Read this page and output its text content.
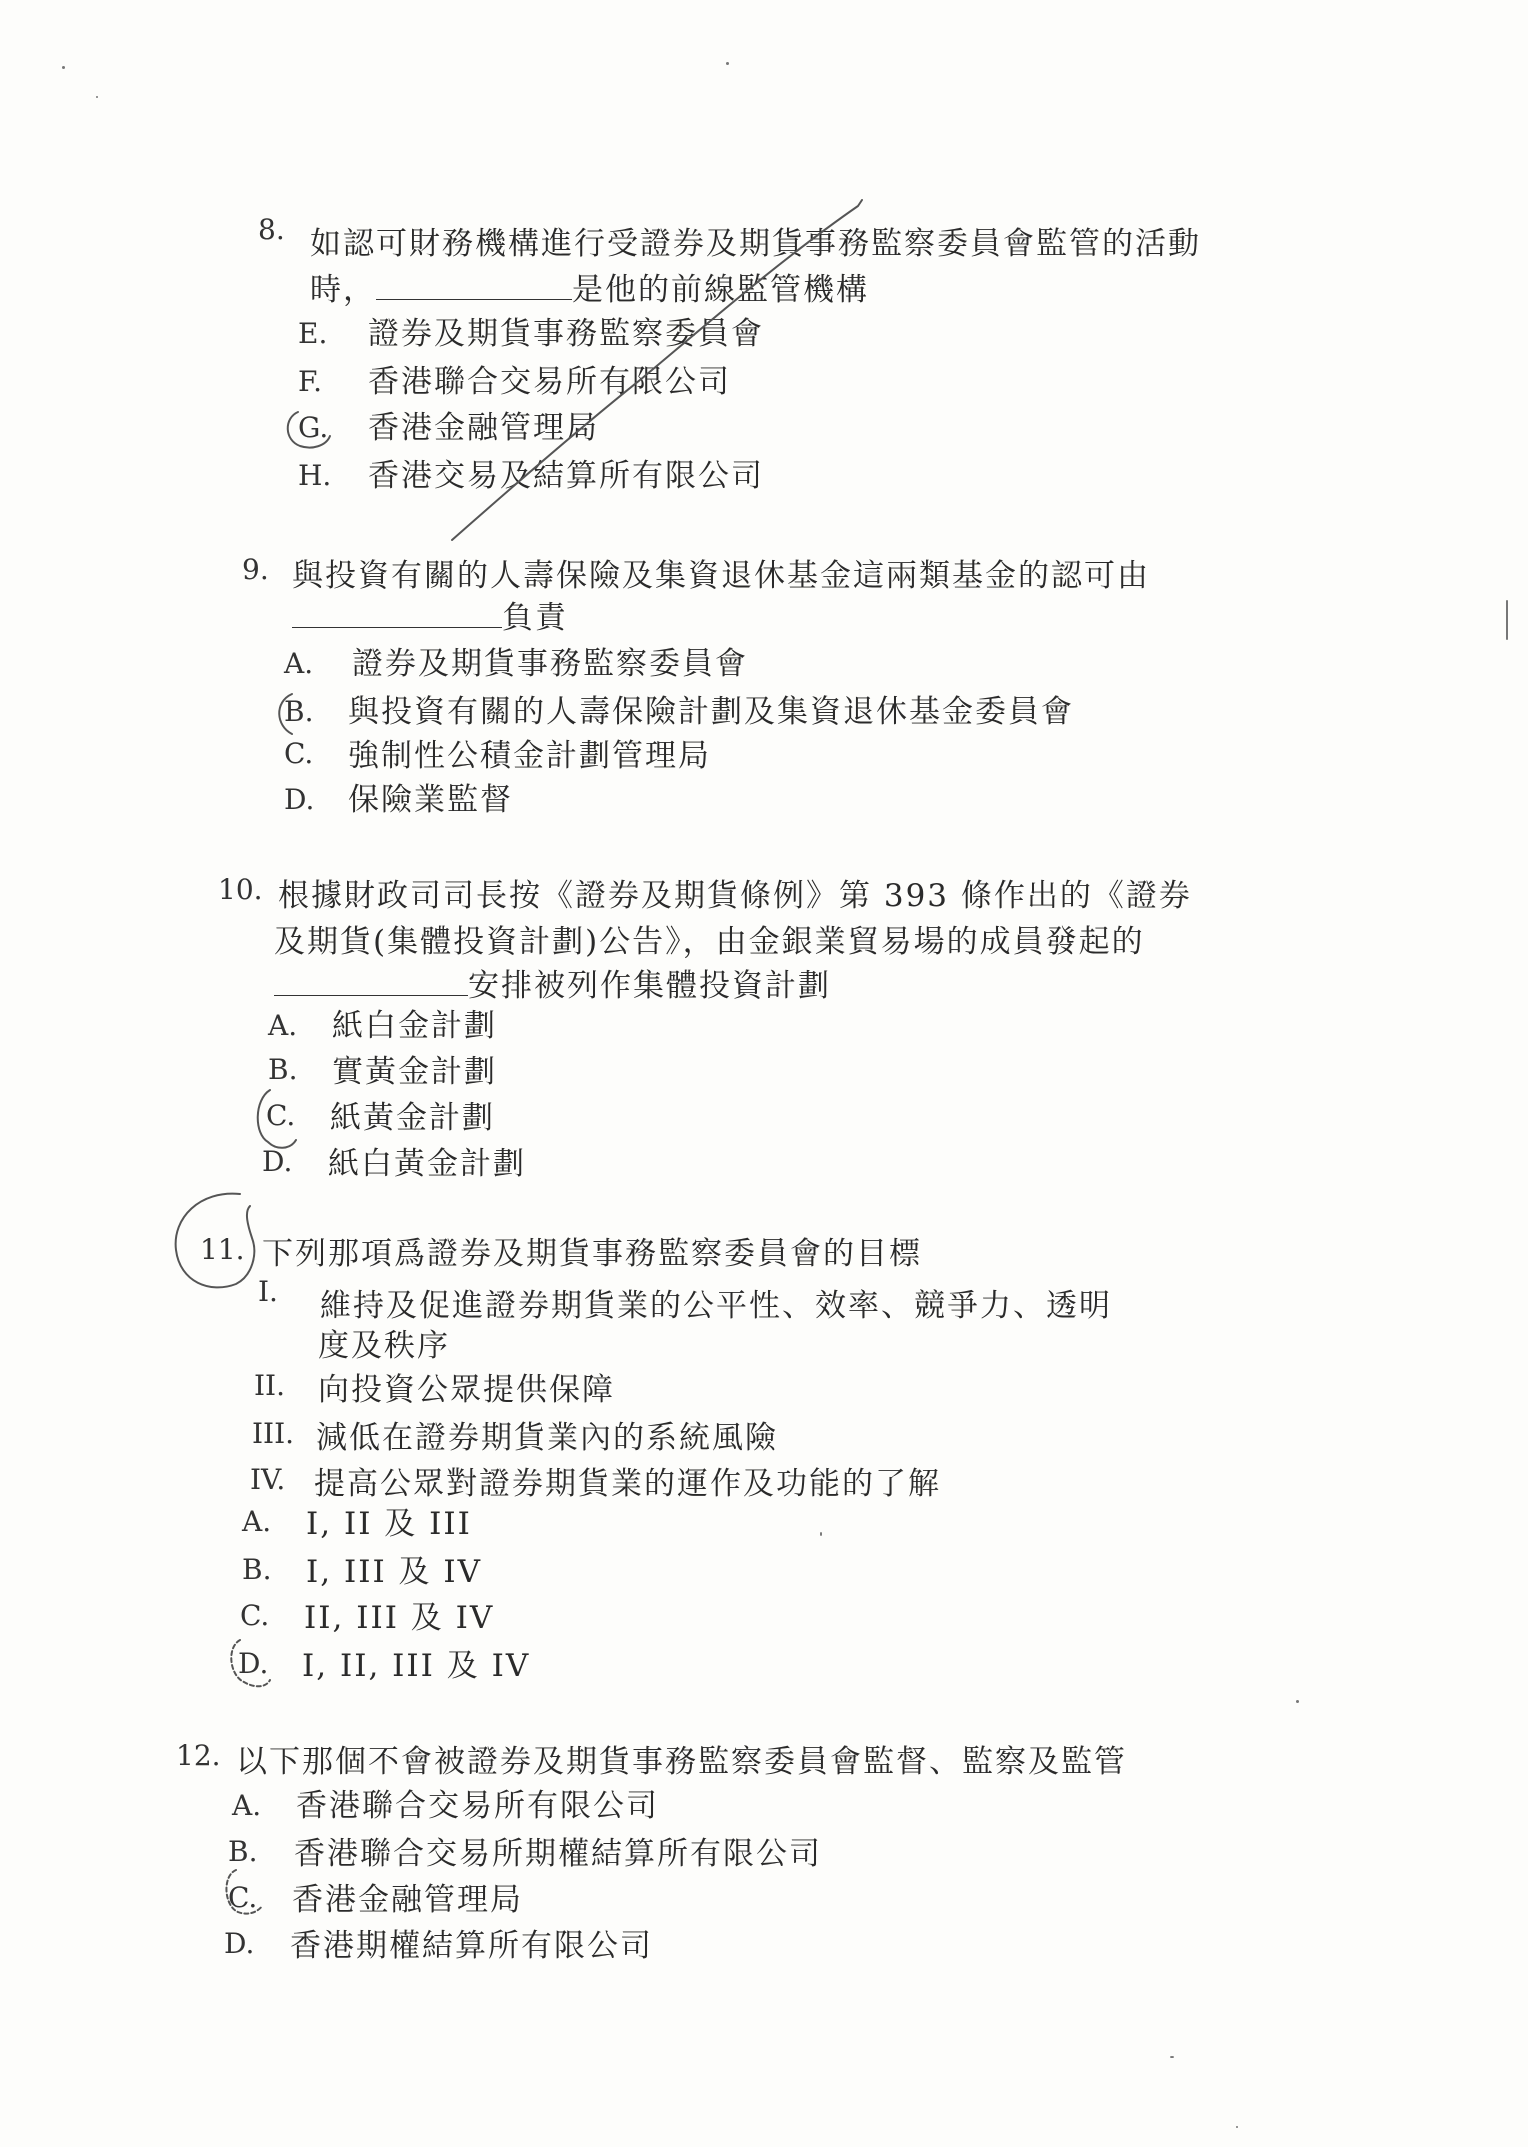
8. 如認可財務機構進行受證券及期貨事務監察委員會監管的活動
時，	是他的前線監管機構
E. 證券及期貨事務監察委員會
F. 香港聯合交易所有限公司
G. 香港金融管理局
H. 香港交易及結算所有限公司
9. 與投資有關的人壽保險及集資退休基金這兩類基金的認可由
負責
A. 證券及期貨事務監察委員會
B. 與投資有關的人壽保險計劃及集資退休基金委員會
C. 強制性公積金計劃管理局
D. 保險業監督
10. 根據財政司司長按《證券及期貨條例》第 393 條作出的《證券
及期貨(集體投資計劃)公告》，由金銀業貿易場的成員發起的
安排被列作集體投資計劃
A. 紙白金計劃
B. 實黃金計劃
C. 紙黃金計劃
D. 紙白黃金計劃
11. 下列那項爲證券及期貨事務監察委員會的目標
I. 維持及促進證券期貨業的公平性、效率、競爭力、透明
度及秩序
II. 向投資公眾提供保障
III. 減低在證券期貨業內的系統風險
IV. 提高公眾對證券期貨業的運作及功能的了解
A. I, II 及 III
B. I, III 及 IV
C. II, III 及 IV
D. I, II, III 及 IV
12. 以下那個不會被證券及期貨事務監察委員會監督、監察及監管
A. 香港聯合交易所有限公司
B. 香港聯合交易所期權結算所有限公司
C. 香港金融管理局
D. 香港期權結算所有限公司
